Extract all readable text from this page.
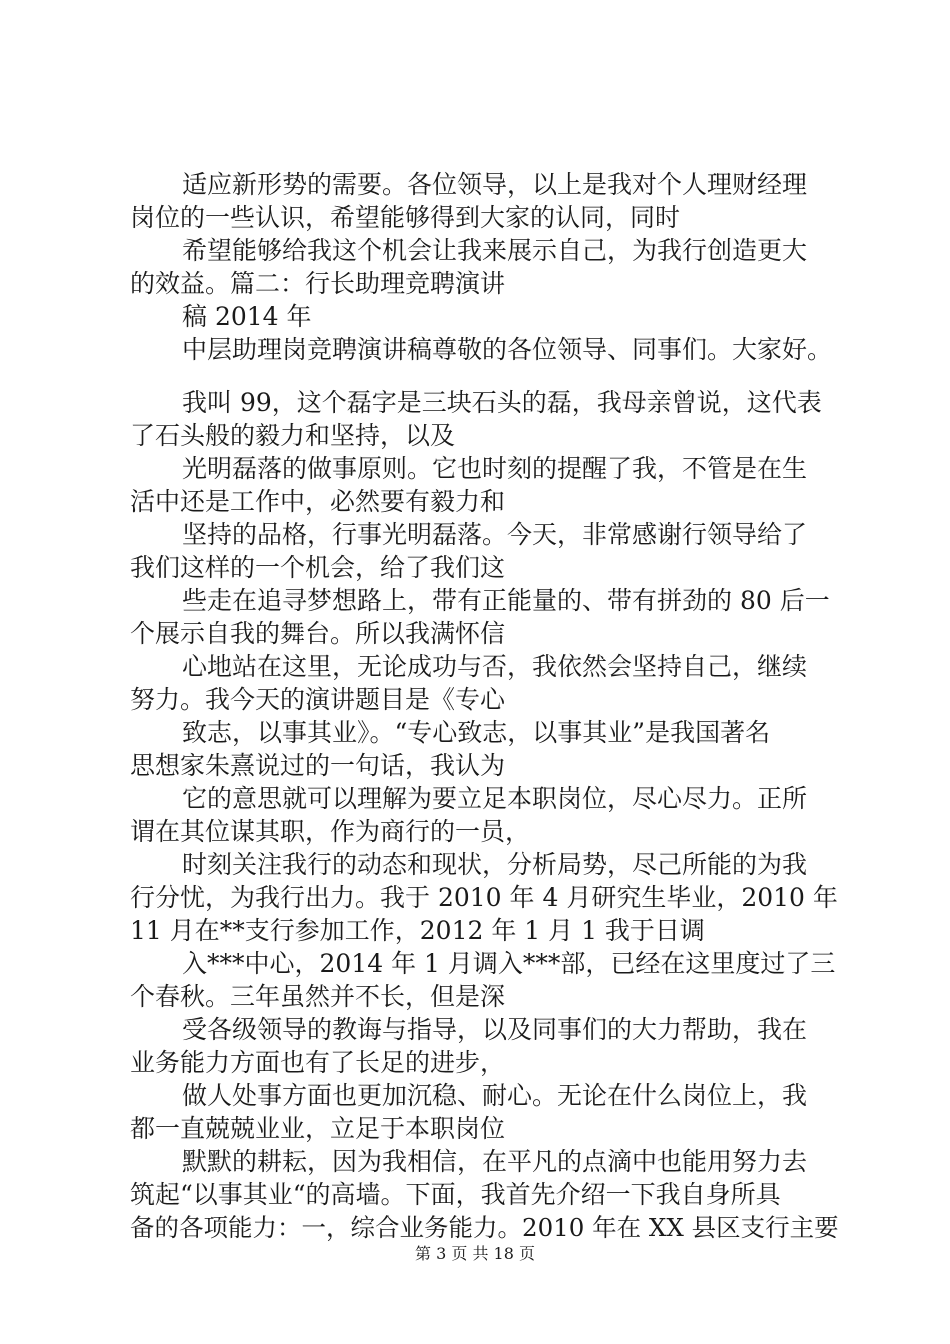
适应新形势的需要。各位领导，以上是我对个人理财经理
岗位的一些认识，希望能够得到大家的认同，同时
希望能够给我这个机会让我来展示自己，为我行创造更大
的效益。篇二：行长助理竞聘演讲
稿 2014 年
中层助理岗竞聘演讲稿尊敬的各位领导、同事们。大家好。
我叫 99，这个磊字是三块石头的磊，我母亲曾说，这代表
了石头般的毅力和坚持，以及
光明磊落的做事原则。它也时刻的提醒了我，不管是在生
活中还是工作中，必然要有毅力和
坚持的品格，行事光明磊落。今天，非常感谢行领导给了
我们这样的一个机会，给了我们这
些走在追寻梦想路上，带有正能量的、带有拼劲的 80 后一
个展示自我的舞台。所以我满怀信
心地站在这里，无论成功与否，我依然会坚持自己，继续
努力。我今天的演讲题目是《专心
致志，以事其业》。“专心致志，以事其业”是我国著名
思想家朱熹说过的一句话，我认为
它的意思就可以理解为要立足本职岗位，尽心尽力。正所
谓在其位谋其职，作为商行的一员，
时刻关注我行的动态和现状，分析局势，尽己所能的为我
行分忧，为我行出力。我于 2010 年 4 月研究生毕业，2010 年
11 月在**支行参加工作，2012 年 1 月 1 我于日调
入***中心，2014 年 1 月调入***部，已经在这里度过了三
个春秋。三年虽然并不长，但是深
受各级领导的教诲与指导，以及同事们的大力帮助，我在
业务能力方面也有了长足的进步，
做人处事方面也更加沉稳、耐心。无论在什么岗位上，我
都一直兢兢业业，立足于本职岗位
默默的耕耘，因为我相信，在平凡的点滴中也能用努力去
筑起“以事其业“的高墙。下面，我首先介绍一下我自身所具
备的各项能力：一，综合业务能力。2010 年在 XX 县区支行主要
第 3 页 共 18 页
